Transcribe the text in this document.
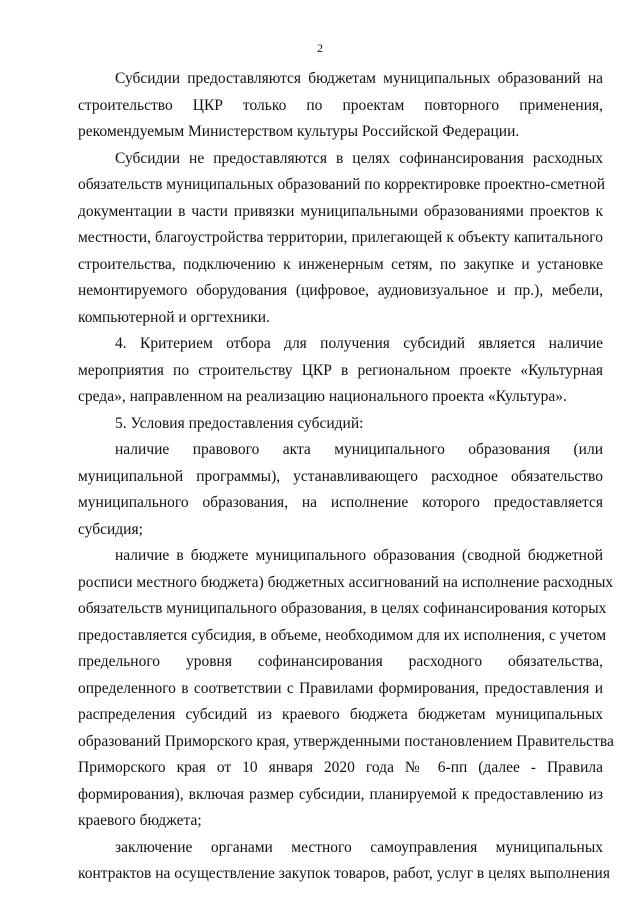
2
Субсидии предоставляются бюджетам муниципальных образований на
строительство ЦКР только по проектам повторного применения,
рекомендуемым Министерством культуры Российской Федерации.
Субсидии не предоставляются в целях софинансирования расходных
обязательств муниципальных образований по корректировке проектно-сметной
документации в части привязки муниципальными образованиями проектов к
местности, благоустройства территории, прилегающей к объекту капитального
строительства, подключению к инженерным сетям, по закупке и установке
немонтируемого оборудования (цифровое, аудиовизуальное и пр.), мебели,
компьютерной и оргтехники.
4. Критерием отбора для получения субсидий является наличие
мероприятия по строительству ЦКР в региональном проекте «Культурная
среда», направленном на реализацию национального проекта «Культура».
5. Условия предоставления субсидий:
наличие правового акта муниципального образования (или
муниципальной программы), устанавливающего расходное обязательство
муниципального образования, на исполнение которого предоставляется
субсидия;
наличие в бюджете муниципального образования (сводной бюджетной
росписи местного бюджета) бюджетных ассигнований на исполнение расходных
обязательств муниципального образования, в целях софинансирования которых
предоставляется субсидия, в объеме, необходимом для их исполнения, с учетом
предельного уровня софинансирования расходного обязательства,
определенного в соответствии с Правилами формирования, предоставления и
распределения субсидий из краевого бюджета бюджетам муниципальных
образований Приморского края, утвержденными постановлением Правительства
Приморского края от 10 января 2020 года № 6-пп (далее - Правила
формирования), включая размер субсидии, планируемой к предоставлению из
краевого бюджета;
заключение органами местного самоуправления муниципальных
контрактов на осуществление закупок товаров, работ, услуг в целях выполнения
